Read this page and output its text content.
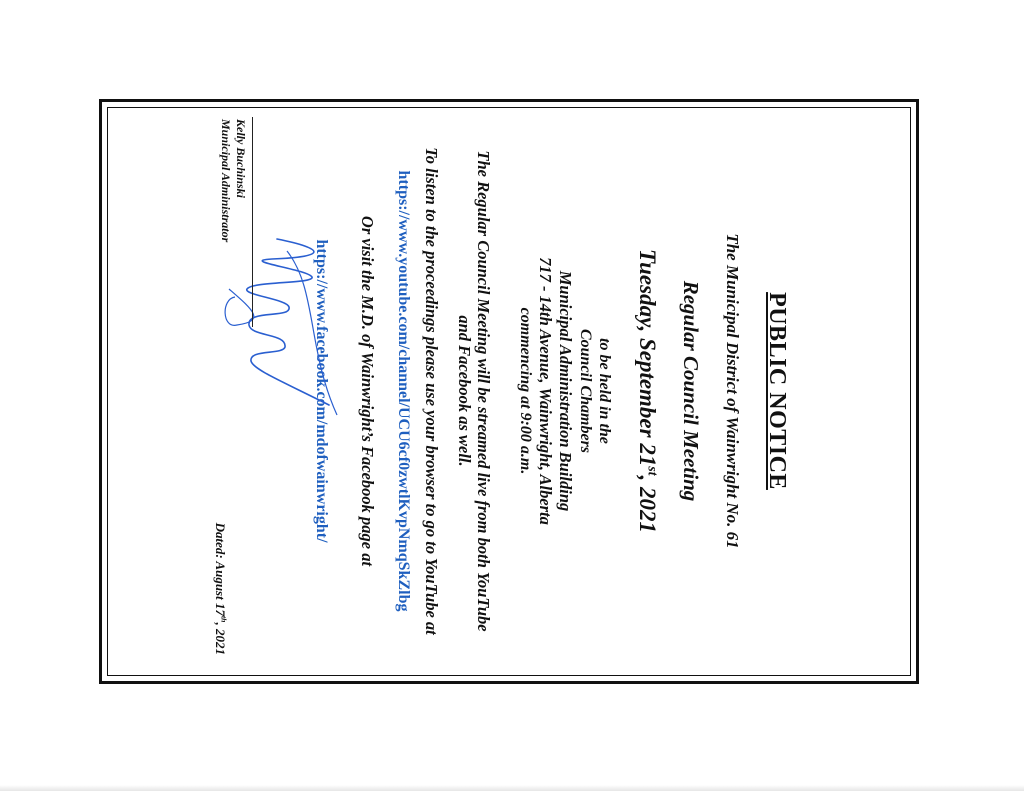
PUBLIC NOTICE
The Municipal District of Wainwright No. 61
Regular Council Meeting
Tuesday, September 21st, 2021
to be held in the
Council Chambers
Municipal Administration Building
717 - 14th Avenue, Wainwright, Alberta
commencing at 9:00 a.m.
The Regular Council Meeting will be streamed live from both YouTube
and Facebook as well.
To listen to the proceedings please use your browser to go to YouTube at
https://www.youtube.com/channel/UCU6cf0zwtlKvpNmqSkZlbg
Or visit the M.D. of Wainwright’s Facebook page at
https://www.facebook.com/mdofwainwright/
Kelly Buchinski
Municipal Administrator
Dated: August 17th, 2021
